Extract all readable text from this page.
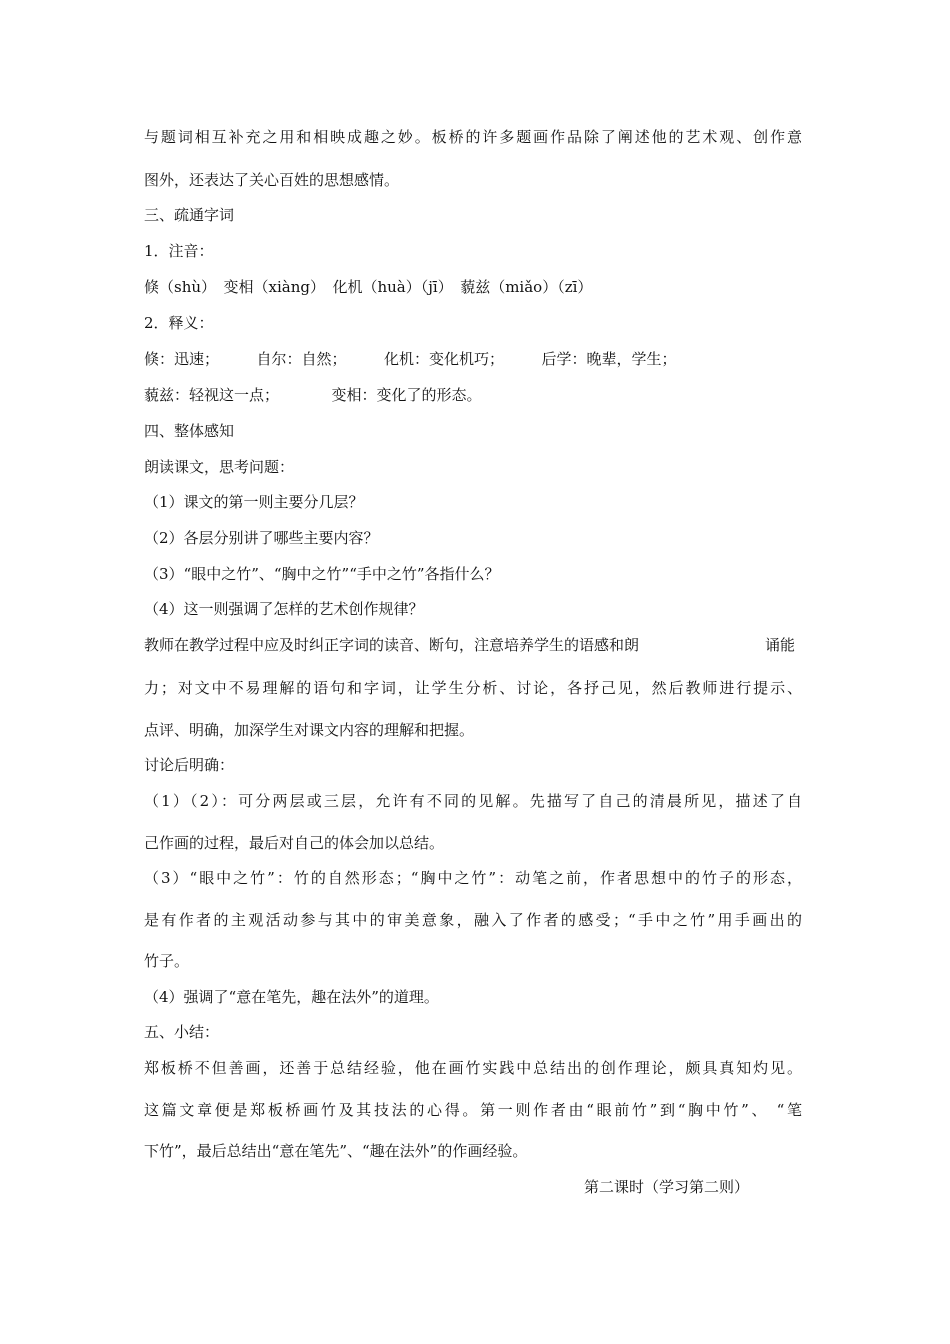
与题词相互补充之用和相映成趣之妙。板桥的许多题画作品除了阐述他的艺术观、创作意

图外，还表达了关心百姓的思想感情。

三、疏通字词

1．注音：

倏（shù）　变相（xiàng）　化机（huà）（jī）　藐兹（miǎo）（zī）

2．释义：

倏：迅速；　　　自尔：自然；　　　化机：变化机巧；　　　后学：晚辈，学生；

藐兹：轻视这一点；　　　　变相：变化了的形态。

四、整体感知

朗读课文，思考问题：

（1）课文的第一则主要分几层？

（2）各层分别讲了哪些主要内容？

（3）“眼中之竹”、“胸中之竹”“手中之竹”各指什么？

（4）这一则强调了怎样的艺术创作规律？

教师在教学过程中应及时纠正字词的读音、断句，注意培养学生的语感和朗	诵能

力；对文中不易理解的语句和字词，让学生分析、讨论，各抒己见，然后教师进行提示、

点评、明确，加深学生对课文内容的理解和把握。

讨论后明确：

（1）（2）：可分两层或三层，允许有不同的见解。先描写了自己的清晨所见，描述了自

己作画的过程，最后对自己的体会加以总结。

（3）“眼中之竹”：竹的自然形态；“胸中之竹”：动笔之前，作者思想中的竹子的形态，

是有作者的主观活动参与其中的审美意象，融入了作者的感受；“手中之竹”用手画出的

竹子。

（4）强调了“意在笔先，趣在法外”的道理。

五、小结：

郑板桥不但善画，还善于总结经验，他在画竹实践中总结出的创作理论，颇具真知灼见。

这篇文章便是郑板桥画竹及其技法的心得。第一则作者由“眼前竹”到“胸中竹”、 “笔

下竹”，最后总结出“意在笔先”、“趣在法外”的作画经验。

第二课时（学习第二则）
